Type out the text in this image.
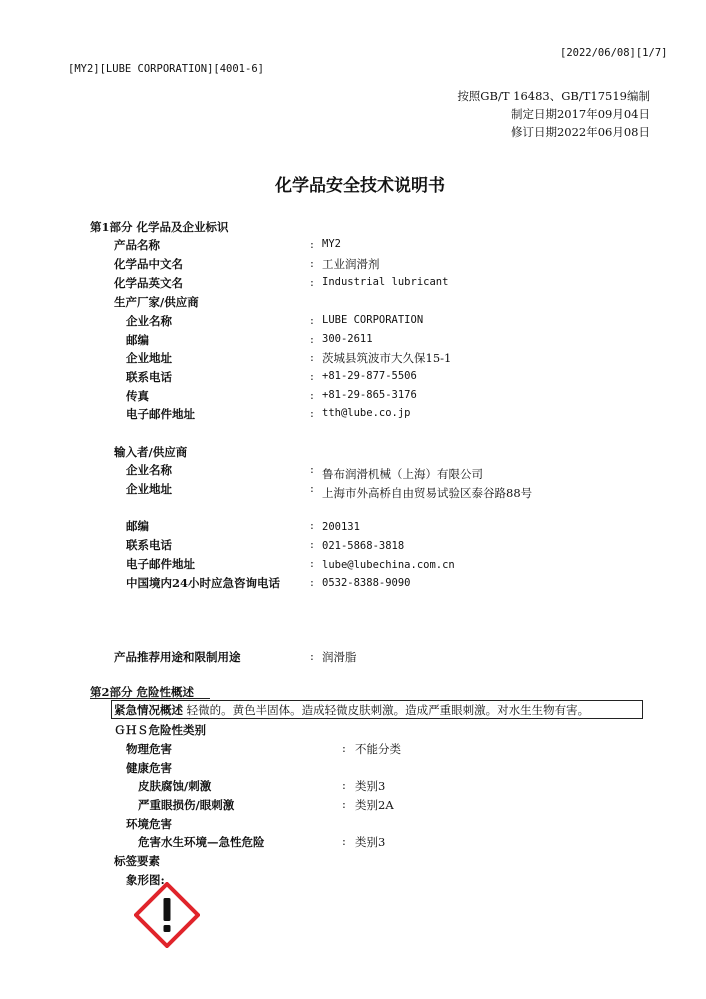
[2022/06/08][1/7]
[MY2][LUBE CORPORATION][4001-6]
按照GB/T 16483、GB/T17519编制
制定日期2017年09月04日
修订日期2022年06月08日
化学品安全技术说明书
第1部分 化学品及企业标识
产品名称	: MY2
化学品中文名	: 工业润滑剂
化学品英文名	: Industrial lubricant
生产厂家/供应商
企业名称	: LUBE CORPORATION
邮编	: 300-2611
企业地址	: 茨城县筑波市大久保15-1
联系电话	: +81-29-877-5506
传真	: +81-29-865-3176
电子邮件地址	: tth@lube.co.jp
输入者/供应商
企业名称	: 鲁布润滑机械（上海）有限公司
企业地址	: 上海市外高桥自由贸易试验区泰谷路88号
邮编	: 200131
联系电话	: 021-5868-3818
电子邮件地址	: lube@lubechina.com.cn
中国境内24小时应急咨询电话	: 0532-8388-9090
产品推荐用途和限制用途	: 润滑脂
第2部分 危险性概述
紧急情况概述 轻微的。黄色半固体。造成轻微皮肤刺激。造成严重眼刺激。对水生生物有害。
ＧＨＳ危险性类别
物理危害	: 不能分类
健康危害
皮肤腐蚀/刺激	: 类别3
严重眼损伤/眼刺激	: 类别2A
环境危害
危害水生环境—急性危险	: 类别3
标签要素
象形图:
